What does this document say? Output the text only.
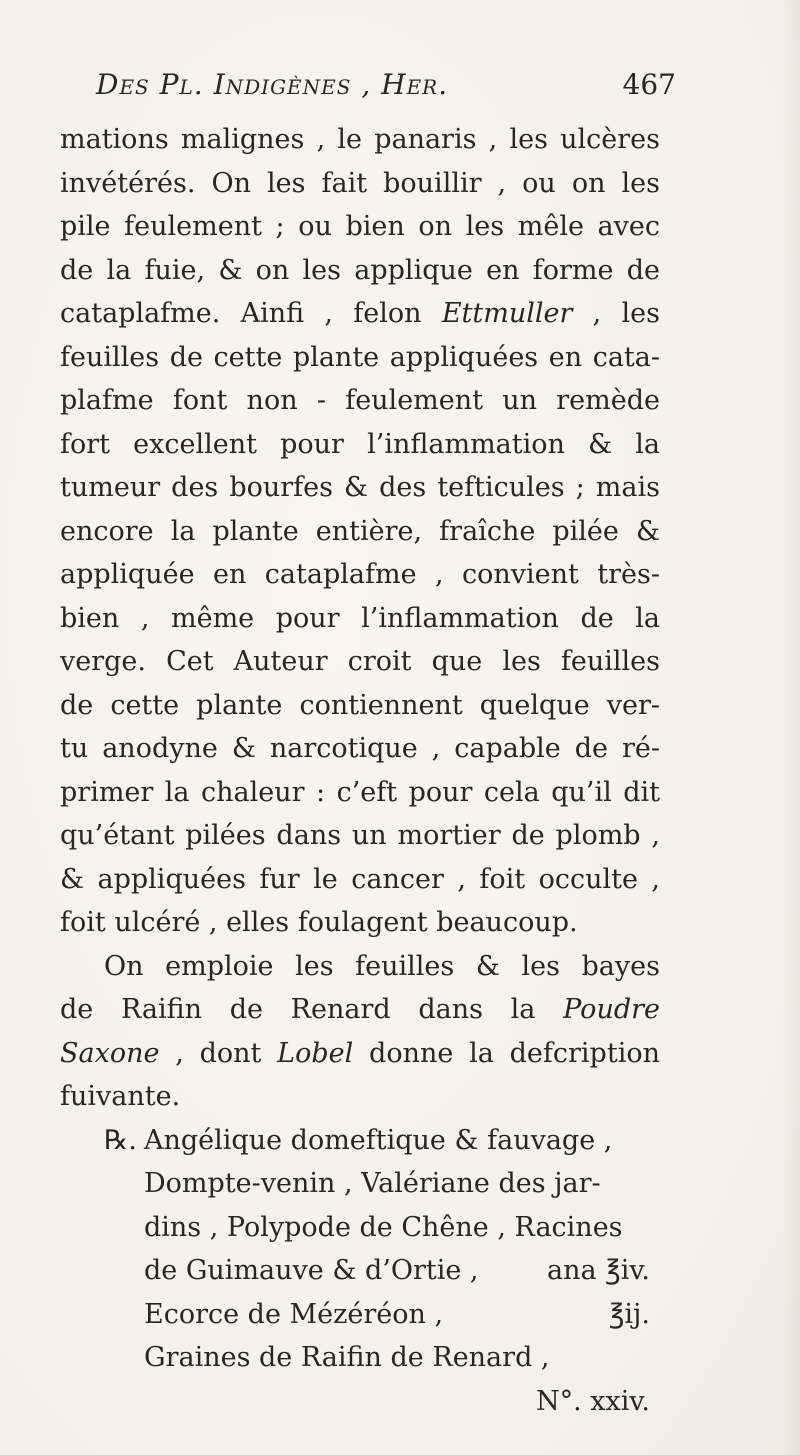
Des Pl. Indigènes , Her.	467
mations malignes , le panaris , les ulcères
invétérés. On les fait bouillir , ou on les
pile feulement ; ou bien on les mêle avec
de la fuie, & on les applique en forme de
cataplafme. Ainfi , felon Ettmuller , les
feuilles de cette plante appliquées en cata-
plafme font non - feulement un remède
fort excellent pour l’inflammation & la
tumeur des bourfes & des tefticules ; mais
encore la plante entière, fraîche pilée &
appliquée en cataplafme , convient très-
bien , même pour l’inflammation de la
verge. Cet Auteur croit que les feuilles
de cette plante contiennent quelque ver-
tu anodyne & narcotique , capable de ré-
primer la chaleur : c’eft pour cela qu’il dit
qu’étant pilées dans un mortier de plomb ,
& appliquées fur le cancer , foit occulte ,
foit ulcéré , elles foulagent beaucoup.
On emploie les feuilles & les bayes
de Raifin de Renard dans la Poudre
Saxone , dont Lobel donne la defcription
fuivante.
℞. Angélique domeftique & fauvage ,
Dompte-venin , Valériane des jar-
dins , Polypode de Chêne , Racines
de Guimauve & d’Ortie ,	ana ℥iv.
Ecorce de Mézéréon ,	℥ij.
Graines de Raifin de Renard ,
N°. xxiv.
